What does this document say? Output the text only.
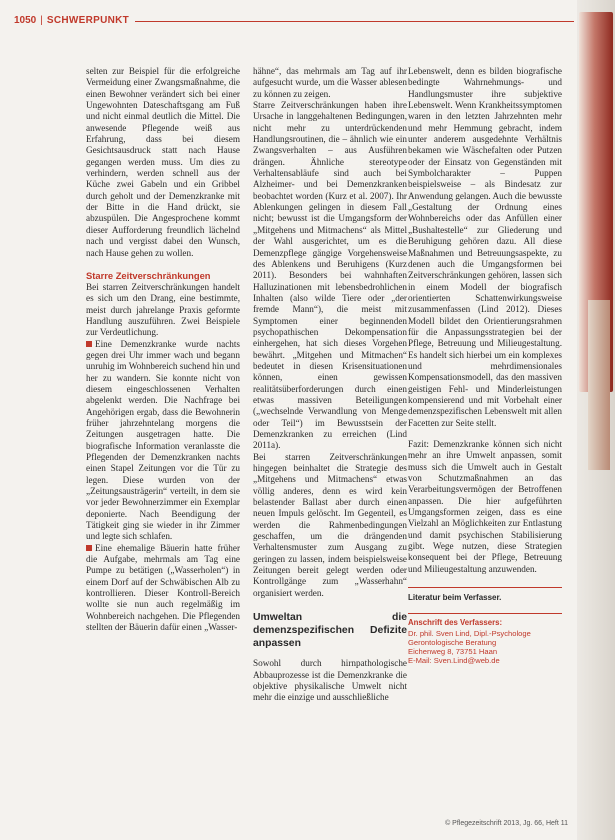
1050 | SCHWERPUNKT

selten zur Beispiel für die erfolgreiche Vermeidung einer Zwangsmaßnahme, die einen Bewohner verändert sich bei einer Ungewohnten Dateschaftsgang am Fuß und nicht einmal deutlich die Mittel. Die anwesende Pflegende weiß aus Erfahrung, dass bei diesem Gesichtsausdruck statt nach Hause gegangen werden muss. Um dies zu verhindern, werden schnell aus der Küche zwei Gabeln und ein Gribbel durch geholt und der Demenzkranke mit der Bitte in die Hand drückt, sie abzuspülen. Die Angesprochene kommt dieser Aufforderung freundlich lächelnd nach und vergisst dabei den Wunsch, nach Hause gehen zu wollen.

Starre Zeitverschränkungen

Bei starren Zeitverschränkungen handelt es sich um den Drang, eine bestimmte, meist durch jahrelange Praxis geformte Handlung auszuführen. Zwei Beispiele zur Verdeutlichung.

Eine Demenzkranke wurde nachts gegen drei Uhr immer wach und begann unruhig im Wohnbereich suchend hin und her zu wandern. Sie konnte nicht von diesem eingeschlossenen Verhalten abgelenkt werden. Die Nachfrage bei Angehörigen ergab, dass die Bewohnerin früher jahrzehntelang morgens die Zeitungen ausgetragen hatte. Die biografische Information veranlasste die Pflegenden der Demenzkranken nachts einen Stapel Zeitungen vor die Tür zu legen. Diese wurden von der „Zeitungsausträgerin“ verteilt, in dem sie vor jeder Bewohnerzimmer ein Exemplar deponierte. Nach Beendigung der Tätigkeit ging sie wieder in ihr Zimmer und legte sich schlafen.

Eine ehemalige Bäuerin hatte früher die Aufgabe, mehrmals am Tag eine Pumpe zu betätigen („Wasserholen“) in einem Dorf auf der Schwäbischen Alb zu kontrollieren. Dieser Kontroll-Bereich wollte sie nun auch regelmäßig im Wohnbereich nachgehen. Die Pflegenden stellten der Bäuerin dafür einen „Wasser-

hähne“, das mehrmals am Tag auf ihr aufgesucht wurde, um die Wasser ablesen zu können zu zeigen.

Starre Zeitverschränkungen haben ihre Ursache in langgehaltenen Bedingungen, nicht mehr zu unterdrückenden Handlungsroutinen, die – ähnlich wie ein Zwangsverhalten – aus Ausführen drängen. Ähnliche stereotype Verhaltensabläufe sind auch bei Alzheimer- und bei Demenzkranken beobachtet worden (Kurz et al. 2007). Ihr Ablenkungen gelingen in diesem Fall nicht; bewusst ist die Umgangsform der „Mitgehens und Mitmachens“ als Mittel der Wahl ausgerichtet, um es die Demenzpflege gängige Vorgehensweise des Ablenkens und Beruhigens (Kurz 2011). Besonders bei wahnhaften Halluzinationen mit lebensbedrohlichen Inhalten (also wilde Tiere oder „der fremde Mann“), die meist mit Symptomen einer beginnenden psychopathischen Dekompensation einhergehen, hat sich dieses Vorgehen bewährt. „Mitgehen und Mitmachen“ bedeutet in diesen Krisensituationen können, einen gewissen realitätsüberforderungen durch einen etwas massiven Beteiligungen („wechselnde Verwandlung von Menge oder Teil“) im Bewusstsein der Demenzkranken zu erreichen (Lind 2011a).

Bei starren Zeitverschränkungen hingegen beinhaltet die Strategie des „Mitgehens und Mitmachens“ etwas völlig anderes, denn es wird kein belastender Ballast aber durch einen neuen Impuls gelöscht. Im Gegenteil, es werden die Rahmenbedingungen geschaffen, um die drängenden Verhaltensmuster zum Ausgang zu geringen zu lassen, indem beispielsweise Zeitungen bereit gelegt werden oder Kontrollgänge zum „Wasserhahn“ organisiert werden.

Umweltan die demenzspezifischen Defizite anpassen

Sowohl durch hirnpathologische Abbauprozesse ist die Demenzkranke die objektive physikalische Umwelt nicht mehr die einzige und ausschließliche

Lebenswelt, denn es bilden biografische bedingte Wahrnehmungs- und Handlungsmuster ihre subjektive Lebenswelt. Wenn Krankheitssymptomen waren in den letzten Jahrzehnten mehr und mehr Hemmung gebracht, indem unter anderem ausgedehnte Verhältnis bekamen wie Wäschefalten oder Putzen oder der Einsatz von Gegenständen mit Symbolcharakter – Puppen beispielsweise – als Bindesatz zur Anwendung gelangen. Auch die bewusste „Gestaltung der Ordnung eines Wohnbereichs oder das Anfüllen einer „Bushaltestelle“ zur Gliederung und Beruhigung gehören dazu. All diese Maßnahmen und Betreuungsaspekte, zu denen auch die Umgangsformen bei Zeitverschränkungen gehören, lassen sich in einem Modell der biografisch orientierten Schattenwirkungsweise zusammenfassen (Lind 2012). Dieses Modell bildet den Orientierungsrahmen für die Anpassungsstrategien bei der Pflege, Betreuung und Milieugestaltung. Es handelt sich hierbei um ein komplexes und mehrdimensionales Kompensationsmodell, das den massiven geistigen Fehl- und Minderleistungen kompensierend und mit Vorbehalt einer demenzspezifischen Lebenswelt mit allen Facetten zur Seite stellt.

Fazit: Demenzkranke können sich nicht mehr an ihre Umwelt anpassen, somit muss sich die Umwelt auch in Gestalt von Schutzmaßnahmen an das Verarbeitungsvermögen der Betroffenen anpassen. Die hier aufgeführten Umgangsformen zeigen, dass es eine Vielzahl an Möglichkeiten zur Entlastung und damit psychischen Stabilisierung gibt. Wege nutzen, diese Strategien konsequent bei der Pflege, Betreuung und Milieugestaltung anzuwenden.

Literatur beim Verfasser.
Anschrift des Verfassers:
Dr. phil. Sven Lind, Dipl.-Psychologe
Gerontologische Beratung
Eichenweg 8, 73751 Haan
E-Mail: Sven.Lind@web.de
© Pflegezeitschrift 2013, Jg. 66, Heft 11
